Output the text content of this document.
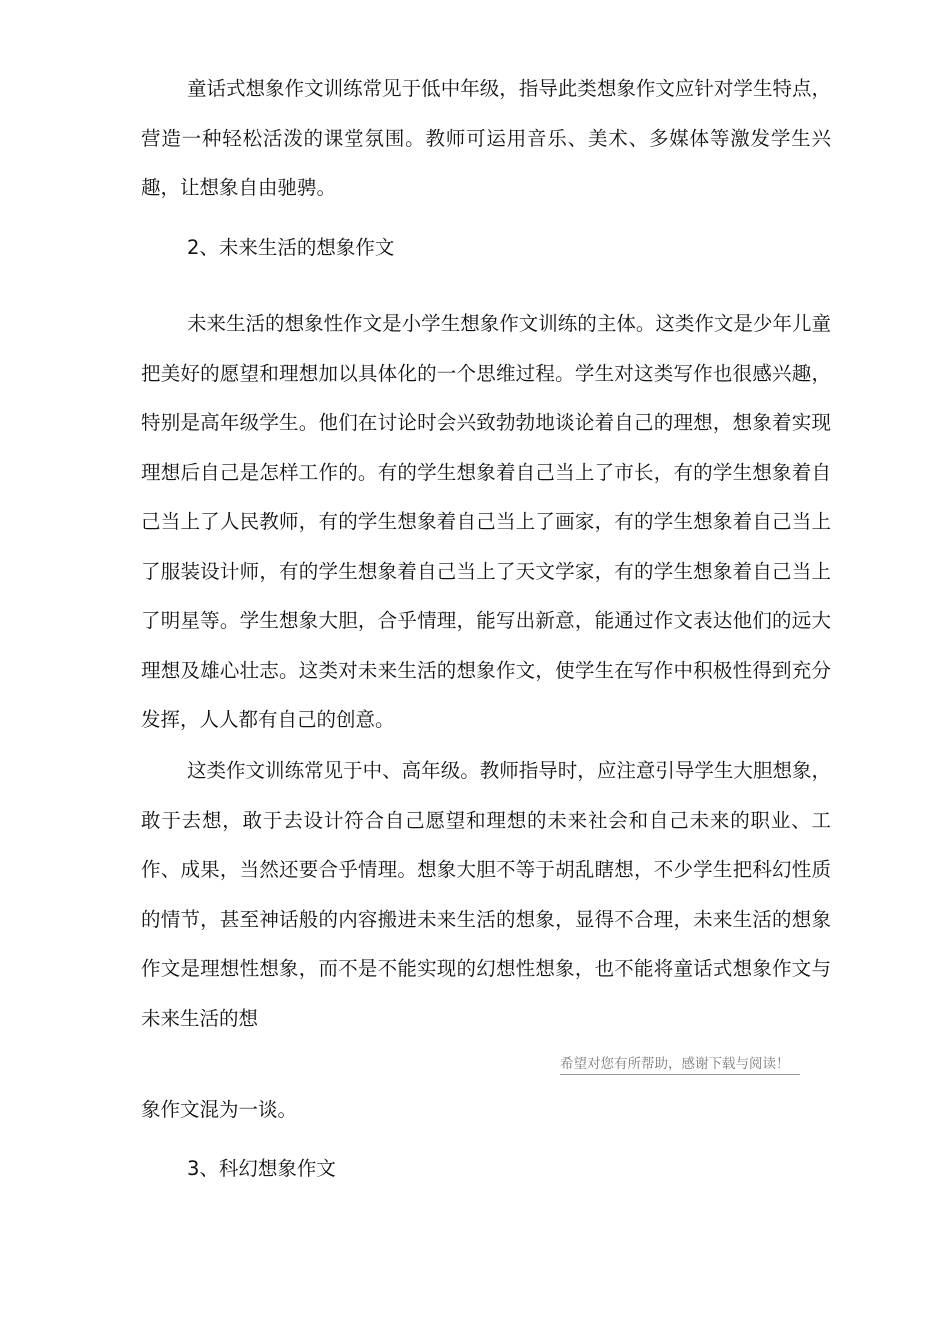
童话式想象作文训练常见于低中年级，指导此类想象作文应针对学生特点，营造一种轻松活泼的课堂氛围。教师可运用音乐、美术、多媒体等激发学生兴趣，让想象自由驰骋。

2、未来生活的想象作文

未来生活的想象性作文是小学生想象作文训练的主体。这类作文是少年儿童把美好的愿望和理想加以具体化的一个思维过程。学生对这类写作也很感兴趣，特别是高年级学生。他们在讨论时会兴致勃勃地谈论着自己的理想，想象着实现理想后自己是怎样工作的。有的学生想象着自己当上了市长，有的学生想象着自己当上了人民教师，有的学生想象着自己当上了画家，有的学生想象着自己当上了服装设计师，有的学生想象着自己当上了天文学家，有的学生想象着自己当上了明星等。学生想象大胆，合乎情理，能写出新意，能通过作文表达他们的远大理想及雄心壮志。这类对未来生活的想象作文，使学生在写作中积极性得到充分发挥，人人都有自己的创意。

这类作文训练常见于中、高年级。教师指导时，应注意引导学生大胆想象，敢于去想，敢于去设计符合自己愿望和理想的未来社会和自己未来的职业、工作、成果，当然还要合乎情理。想象大胆不等于胡乱瞎想，不少学生把科幻性质的情节，甚至神话般的内容搬进未来生活的想象，显得不合理，未来生活的想象作文是理想性想象，而不是不能实现的幻想性想象，也不能将童话式想象作文与未来生活的想

希望对您有所帮助，感谢下载与阅读！

象作文混为一谈。

3、科幻想象作文
